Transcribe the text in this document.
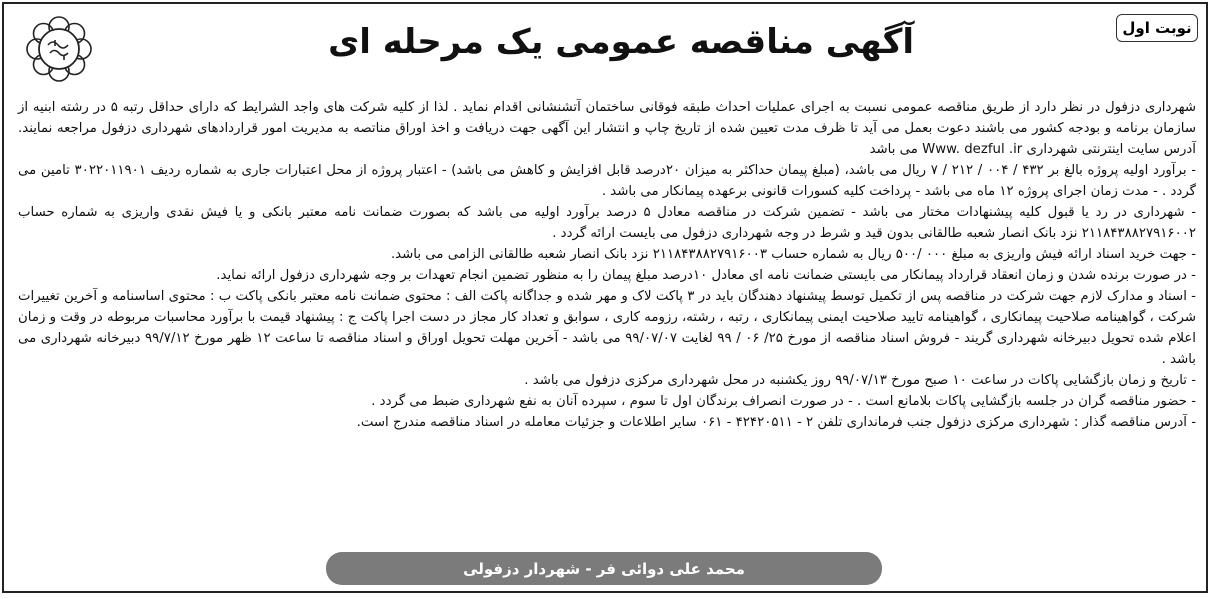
نوبت اول
آگهی مناقصه عمومی یک مرحله ای

شهرداری دزفول در نظر دارد از طریق مناقصه عمومی نسبت به اجرای عملیات احداث طبقه فوقانی ساختمان آتشنشانی اقدام نماید . لذا از کلیه شرکت های واجد الشرایط که دارای حداقل رتبه ۵ در رشته ابنیه از سازمان برنامه و بودجه کشور می باشند دعوت بعمل می آید تا ظرف مدت تعیین شده از تاریخ چاپ و انتشار این آگهی جهت دریافت و اخذ اوراق مناتصه به مدیریت امور قراردادهای شهرداری دزفول مراجعه نمایند. آدرس سایت اینترنتی شهرداری Www. dezful .ir می باشد

- برآورد اولیه پروژه بالغ بر ۴۳۲ / ۰۰۴ / ۲۱۲ / ۷ ریال می باشد، (مبلغ پیمان حداکثر به میزان ۲۰درصد قابل افزایش و کاهش می باشد) - اعتبار پروژه از محل اعتبارات جاری به شماره ردیف ۳۰۲۲۰۱۱۹۰۱ تامین می گردد . - مدت زمان اجرای پروژه ۱۲ ماه می باشد - پرداخت کلیه کسورات قانونی برعهده پیمانکار می باشد .

- شهرداری در رد یا قبول کلیه پیشنهادات مختار می باشد - تضمین شرکت در مناقصه معادل ۵ درصد برآورد اولیه می باشد که بصورت ضمانت نامه معتبر بانکی و یا فیش نقدی واریزی به شماره حساب ۲۱۱۸۴۳۸۸۲۷۹۱۶۰۰۲ نزد بانک انصار شعبه طالقانی بدون قید و شرط در وجه شهرداری دزفول می بایست ارائه گردد .

- جهت خرید اسناد ارائه فیش واریزی به مبلغ ۰۰۰ /۵۰۰ ریال به شماره حساب ۲۱۱۸۴۳۸۸۲۷۹۱۶۰۰۳ نزد بانک انصار شعبه طالقانی الزامی می باشد.

- در صورت برنده شدن و زمان انعقاد قرارداد پیمانکار می بایستی ضمانت نامه ای معادل ۱۰درصد مبلغ پیمان را به منظور تضمین انجام تعهدات بر وجه شهرداری دزفول ارائه نماید.

- اسناد و مدارک لازم جهت شرکت در مناقصه پس از تکمیل توسط پیشنهاد دهندگان باید در ۳ پاکت لاک و مهر شده و جداگانه پاکت الف : محتوی ضمانت نامه معتبر بانکی پاکت ب : محتوی اساسنامه و آخرین تغییرات شرکت ، گواهینامه صلاحیت پیمانکاری ، گواهینامه تایید صلاحیت ایمنی پیمانکاری ، رتبه ، رشته، رزومه کاری ، سوابق و تعداد کار مجاز در دست اجرا پاکت ج : پیشنهاد قیمت با برآورد محاسبات مربوطه در وقت و زمان اعلام شده تحویل دبیرخانه شهرداری گریند - فروش اسناد مناقصه از مورخ ۲۵/ ۰۶ / ۹۹ لغایت ۹۹/۰۷/۰۷ می باشد - آخرین مهلت تحویل اوراق و اسناد مناقصه تا ساعت ۱۲ ظهر مورخ ۹۹/۷/۱۲ دبیرخانه شهرداری می باشد .

- تاریخ و زمان بازگشایی پاکات در ساعت ۱۰ صبح مورخ ۹۹/۰۷/۱۳ روز یکشنبه در محل شهرداری مرکزی دزفول می باشد .

- حضور مناقصه گران در جلسه بازگشایی پاکات بلامانع است . - در صورت انصراف برندگان اول تا سوم ، سپرده آنان به نفع شهرداری ضبط می گردد .

- آدرس مناقصه گذار : شهرداری مرکزی دزفول جنب فرمانداری تلفن ۲ - ۴۲۴۲۰۵۱۱ - ۰۶۱ سایر اطلاعات و جزئیات معامله در اسناد مناقصه مندرج است.

محمد علی دوائی فر - شهردار دزفولی
